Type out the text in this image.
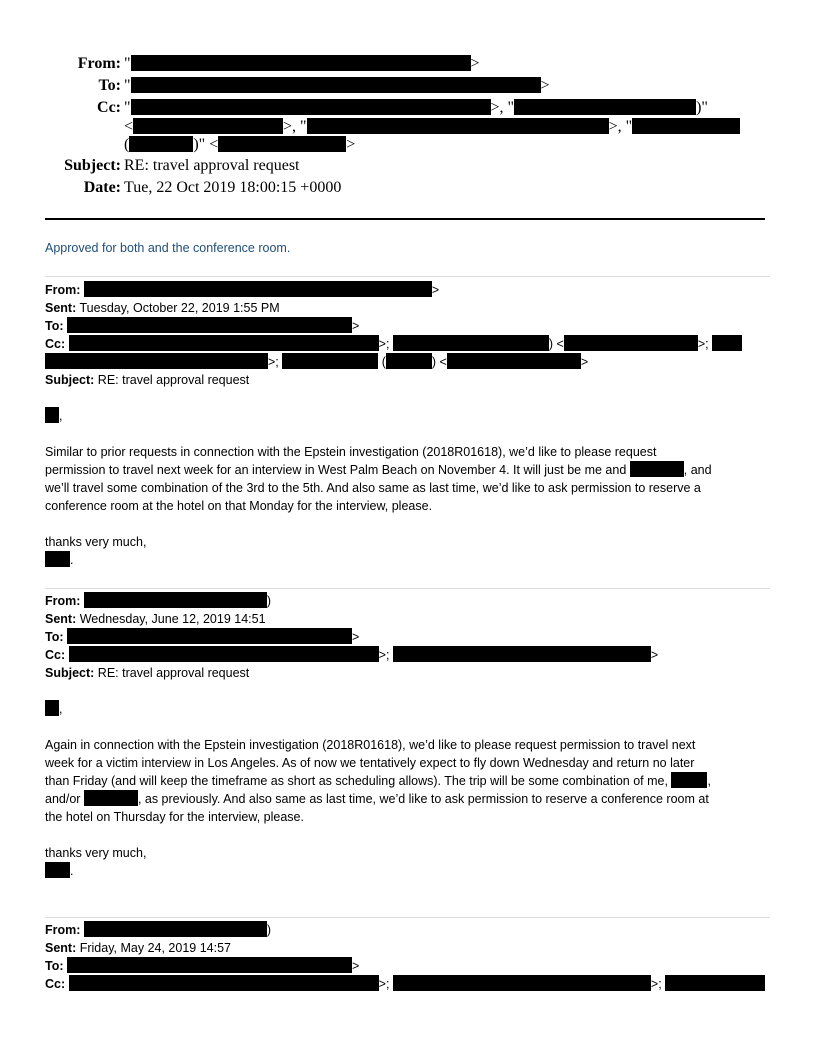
From: "	>
To: "	>
Cc: "	>, "	)"
<	>, "	>, "
(	)" <	>
Subject: RE: travel approval request
Date: Tue, 22 Oct 2019 18:00:15 +0000
Approved for both and the conference room.
From:	>
Sent: Tuesday, October 22, 2019 1:55 PM
To:	>
Cc:	>;	) <	>;
>;	(	) <	>
Subject: RE: travel approval request
,
Similar to prior requests in connection with the Epstein investigation (2018R01618), we’d like to please request
permission to travel next week for an interview in West Palm Beach on November 4. It will just be me and	, and
we’ll travel some combination of the 3rd to the 5th. And also same as last time, we’d like to ask permission to reserve a
conference room at the hotel on that Monday for the interview, please.
thanks very much,
.
From:	)
Sent: Wednesday, June 12, 2019 14:51
To:	>
Cc:	>;	>
Subject: RE: travel approval request
,
Again in connection with the Epstein investigation (2018R01618), we’d like to please request permission to travel next
week for a victim interview in Los Angeles. As of now we tentatively expect to fly down Wednesday and return no later
than Friday (and will keep the timeframe as short as scheduling allows). The trip will be some combination of me,	,
and/or	, as previously. And also same as last time, we’d like to ask permission to reserve a conference room at
the hotel on Thursday for the interview, please.
thanks very much,
.
From:	)
Sent: Friday, May 24, 2019 14:57
To:	>
Cc:	>;	>;
